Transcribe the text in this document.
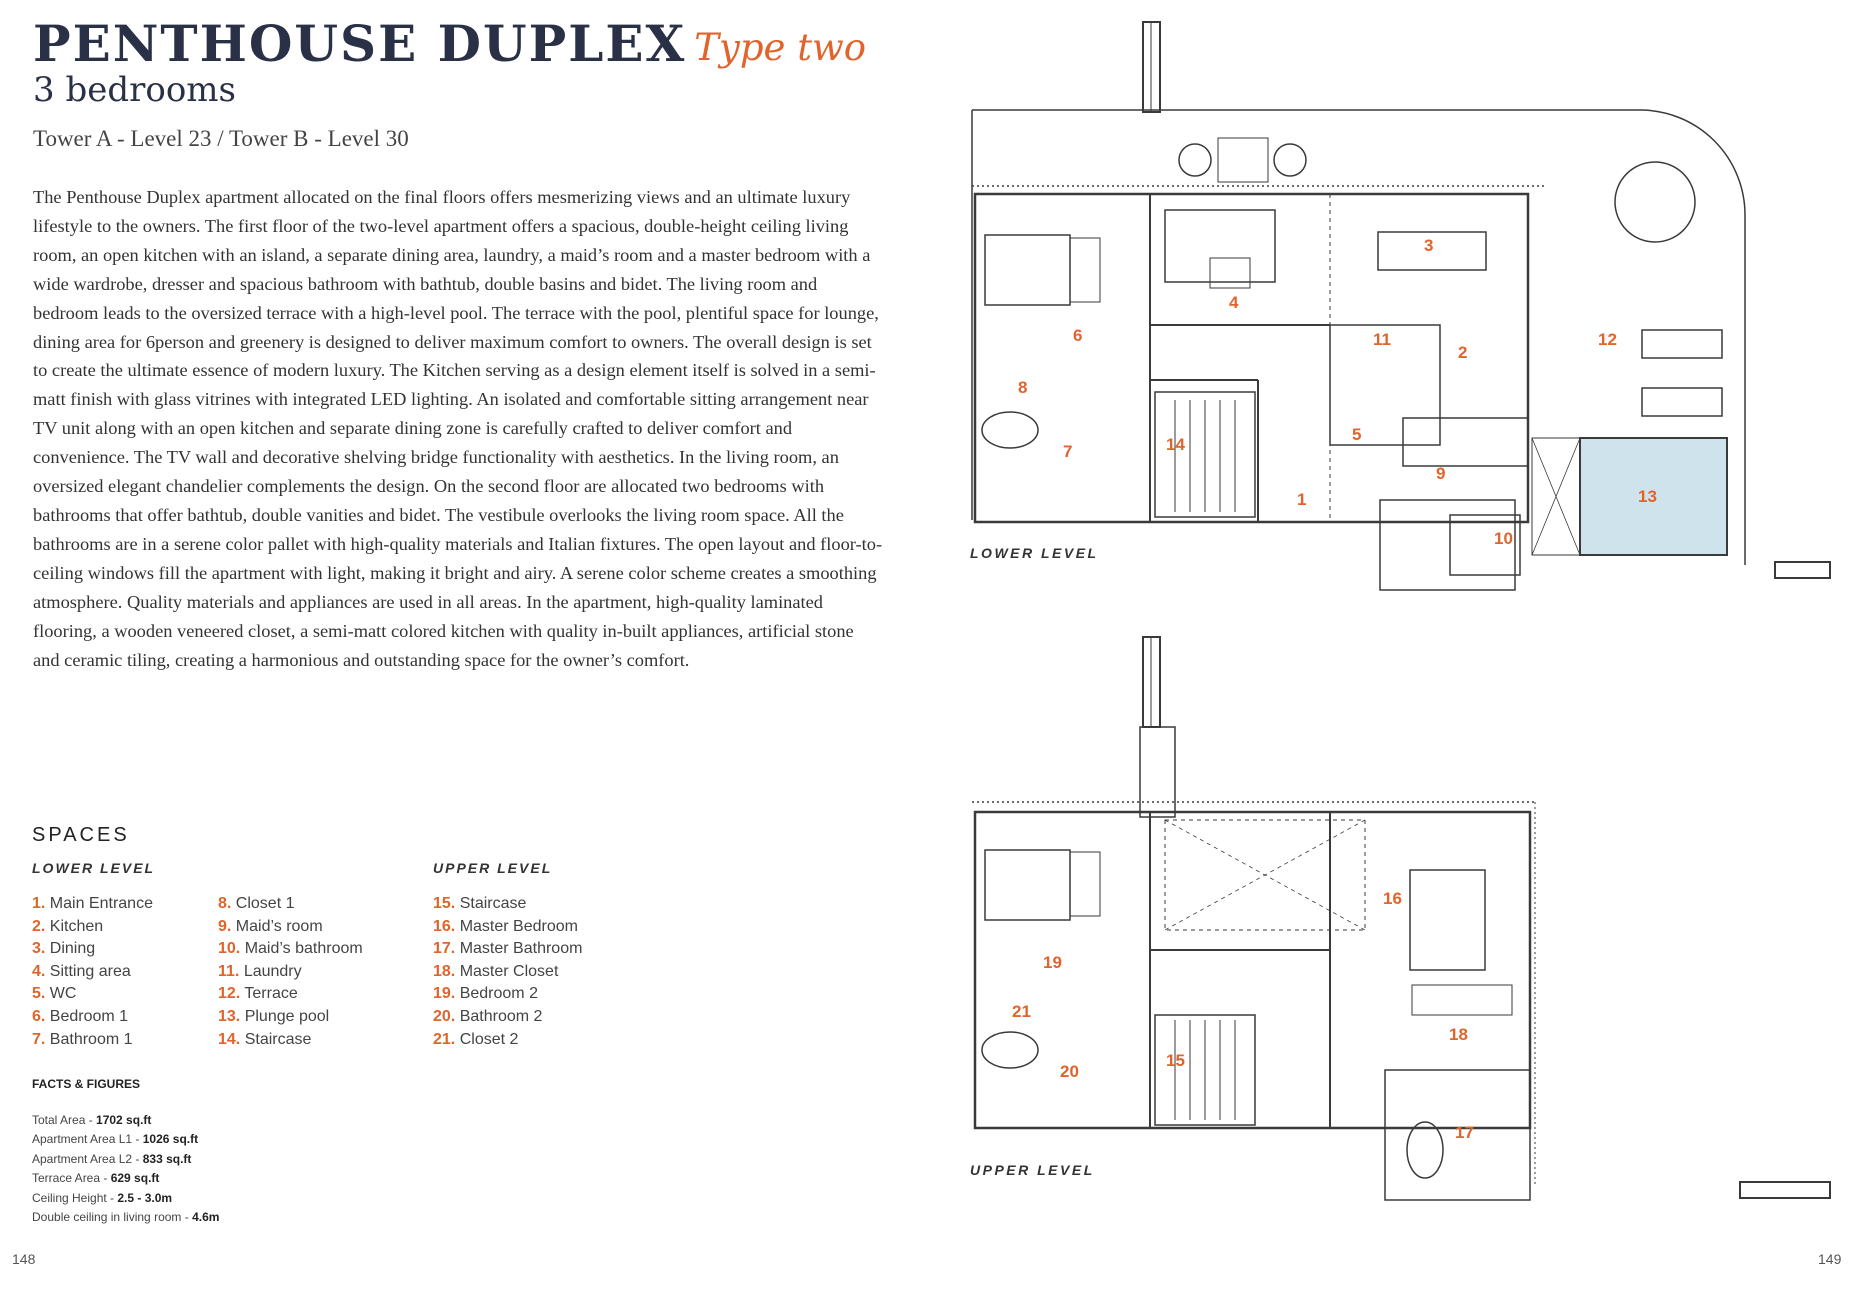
PENTHOUSE DUPLEX Type two
3 bedrooms
Tower A - Level 23 / Tower B - Level 30

The Penthouse Duplex apartment allocated on the final floors offers mesmerizing views and an ultimate luxury lifestyle to the owners. The first floor of the two-level apartment offers a spacious, double-height ceiling living room, an open kitchen with an island, a separate dining area, laundry, a maid’s room and a master bedroom with a wide wardrobe, dresser and spacious bathroom with bathtub, double basins and bidet. The living room and bedroom leads to the oversized terrace with a high-level pool. The terrace with the pool, plentiful space for lounge, dining area for 6person and greenery is designed to deliver maximum comfort to owners. The overall design is set to create the ultimate essence of modern luxury. The Kitchen serving as a design element itself is solved in a semi-matt finish with glass vitrines with integrated LED lighting. An isolated and comfortable sitting arrangement near TV unit along with an open kitchen and separate dining zone is carefully crafted to deliver comfort and convenience. The TV wall and decorative shelving bridge functionality with aesthetics. In the living room, an oversized elegant chandelier complements the design. On the second floor are allocated two bedrooms with bathrooms that offer bathtub, double vanities and bidet. The vestibule overlooks the living room space. All the bathrooms are in a serene color pallet with high-quality materials and Italian fixtures. The open layout and floor-to-ceiling windows fill the apartment with light, making it bright and airy. A serene color scheme creates a smoothing atmosphere. Quality materials and appliances are used in all areas. In the apartment, high-quality laminated flooring, a wooden veneered closet, a semi-matt colored kitchen with quality in-built appliances, artificial stone and ceramic tiling, creating a harmonious and outstanding space for the owner’s comfort.

SPACES
LOWER LEVEL	UPPER LEVEL
1. Main Entrance
2. Kitchen
3. Dining
4. Sitting area
5. WC
6. Bedroom 1
7. Bathroom 1
8. Closet 1
9. Maid’s room
10. Maid’s bathroom
11. Laundry
12. Terrace
13. Plunge pool
14. Staircase
15. Staircase
16. Master Bedroom
17. Master Bathroom
18. Master Closet
19. Bedroom 2
20. Bathroom 2
21. Closet 2
FACTS & FIGURES
Total Area - 1702 sq.ft
Apartment Area L1 - 1026 sq.ft
Apartment Area L2 - 833 sq.ft
Terrace Area - 629 sq.ft
Ceiling Height - 2.5 - 3.0m
Double ceiling in living room - 4.6m
148	149
LOWER LEVEL
UPPER LEVEL
1
2
3
4
5
6
7
8
9
10
11	12
13
14
15
16
17
18
19
20
21
